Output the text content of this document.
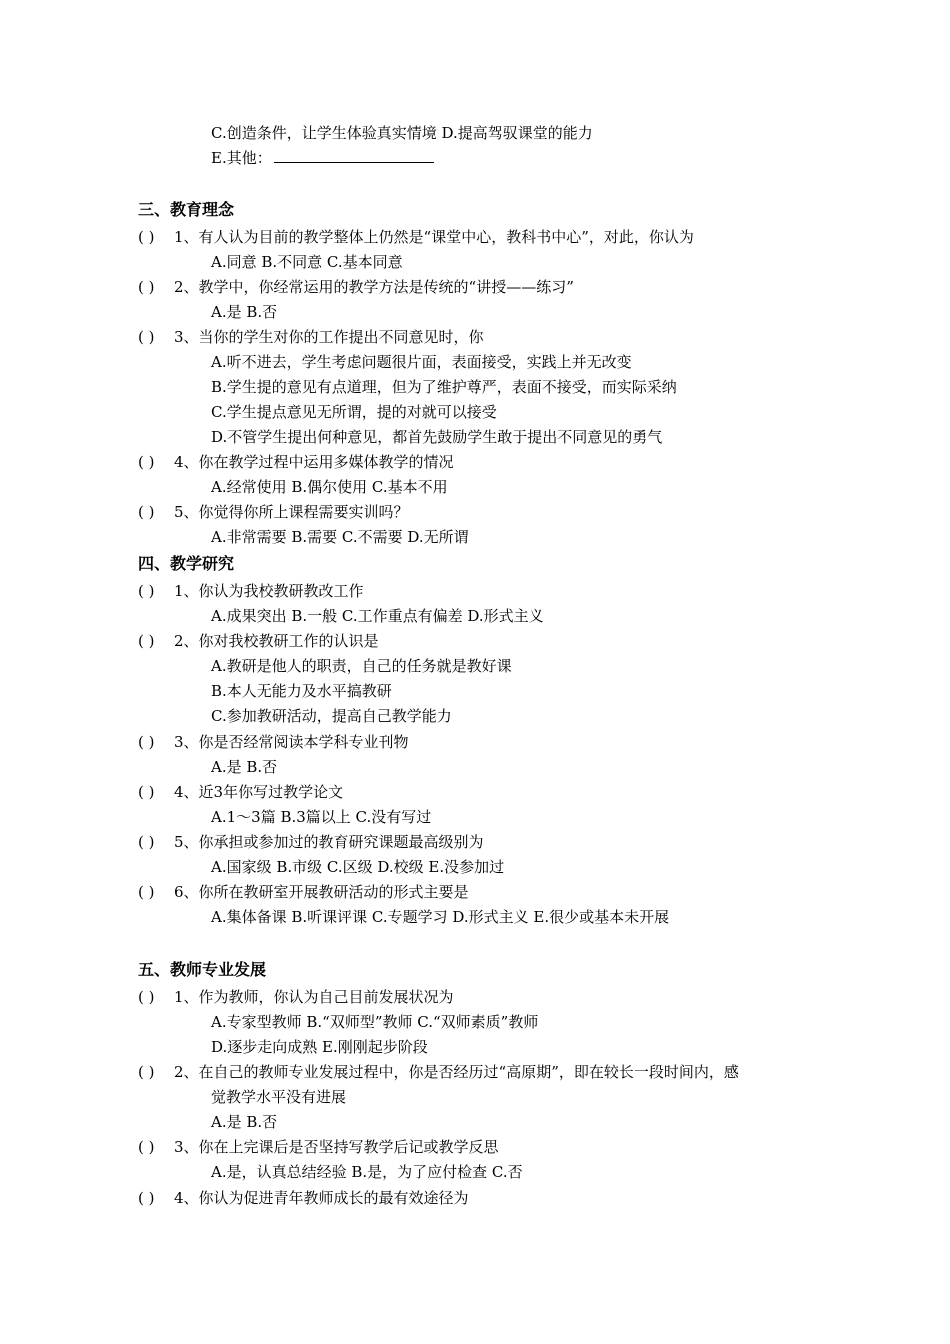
C.创造条件，让学生体验真实情境 D.提高驾驭课堂的能力
E.其他：
三、教育理念
( ) 1、有人认为目前的教学整体上仍然是“课堂中心，教科书中心”，对此，你认为
A.同意 B.不同意 C.基本同意
( ) 2、教学中，你经常运用的教学方法是传统的“讲授——练习”
A.是 B.否
( ) 3、当你的学生对你的工作提出不同意见时，你
A.听不进去，学生考虑问题很片面，表面接受，实践上并无改变
B.学生提的意见有点道理，但为了维护尊严，表面不接受，而实际采纳
C.学生提点意见无所谓，提的对就可以接受
D.不管学生提出何种意见，都首先鼓励学生敢于提出不同意见的勇气
( ) 4、你在教学过程中运用多媒体教学的情况
A.经常使用 B.偶尔使用 C.基本不用
( ) 5、你觉得你所上课程需要实训吗？
A.非常需要 B.需要 C.不需要 D.无所谓
四、教学研究
( ) 1、你认为我校教研教改工作
A.成果突出 B.一般 C.工作重点有偏差 D.形式主义
( ) 2、你对我校教研工作的认识是
A.教研是他人的职责，自己的任务就是教好课
B.本人无能力及水平搞教研
C.参加教研活动，提高自己教学能力
( ) 3、你是否经常阅读本学科专业刊物
A.是 B.否
( ) 4、近3年你写过教学论文
A.1～3篇 B.3篇以上 C.没有写过
( ) 5、你承担或参加过的教育研究课题最高级别为
A.国家级 B.市级 C.区级 D.校级 E.没参加过
( ) 6、你所在教研室开展教研活动的形式主要是
A.集体备课 B.听课评课 C.专题学习 D.形式主义 E.很少或基本未开展
五、教师专业发展
( ) 1、作为教师，你认为自己目前发展状况为
A.专家型教师 B.“双师型”教师 C.“双师素质”教师
D.逐步走向成熟 E.刚刚起步阶段
( ) 2、在自己的教师专业发展过程中，你是否经历过“高原期”，即在较长一段时间内，感
觉教学水平没有进展
A.是 B.否
( ) 3、你在上完课后是否坚持写教学后记或教学反思
A.是，认真总结经验 B.是，为了应付检查 C.否
( ) 4、你认为促进青年教师成长的最有效途径为
